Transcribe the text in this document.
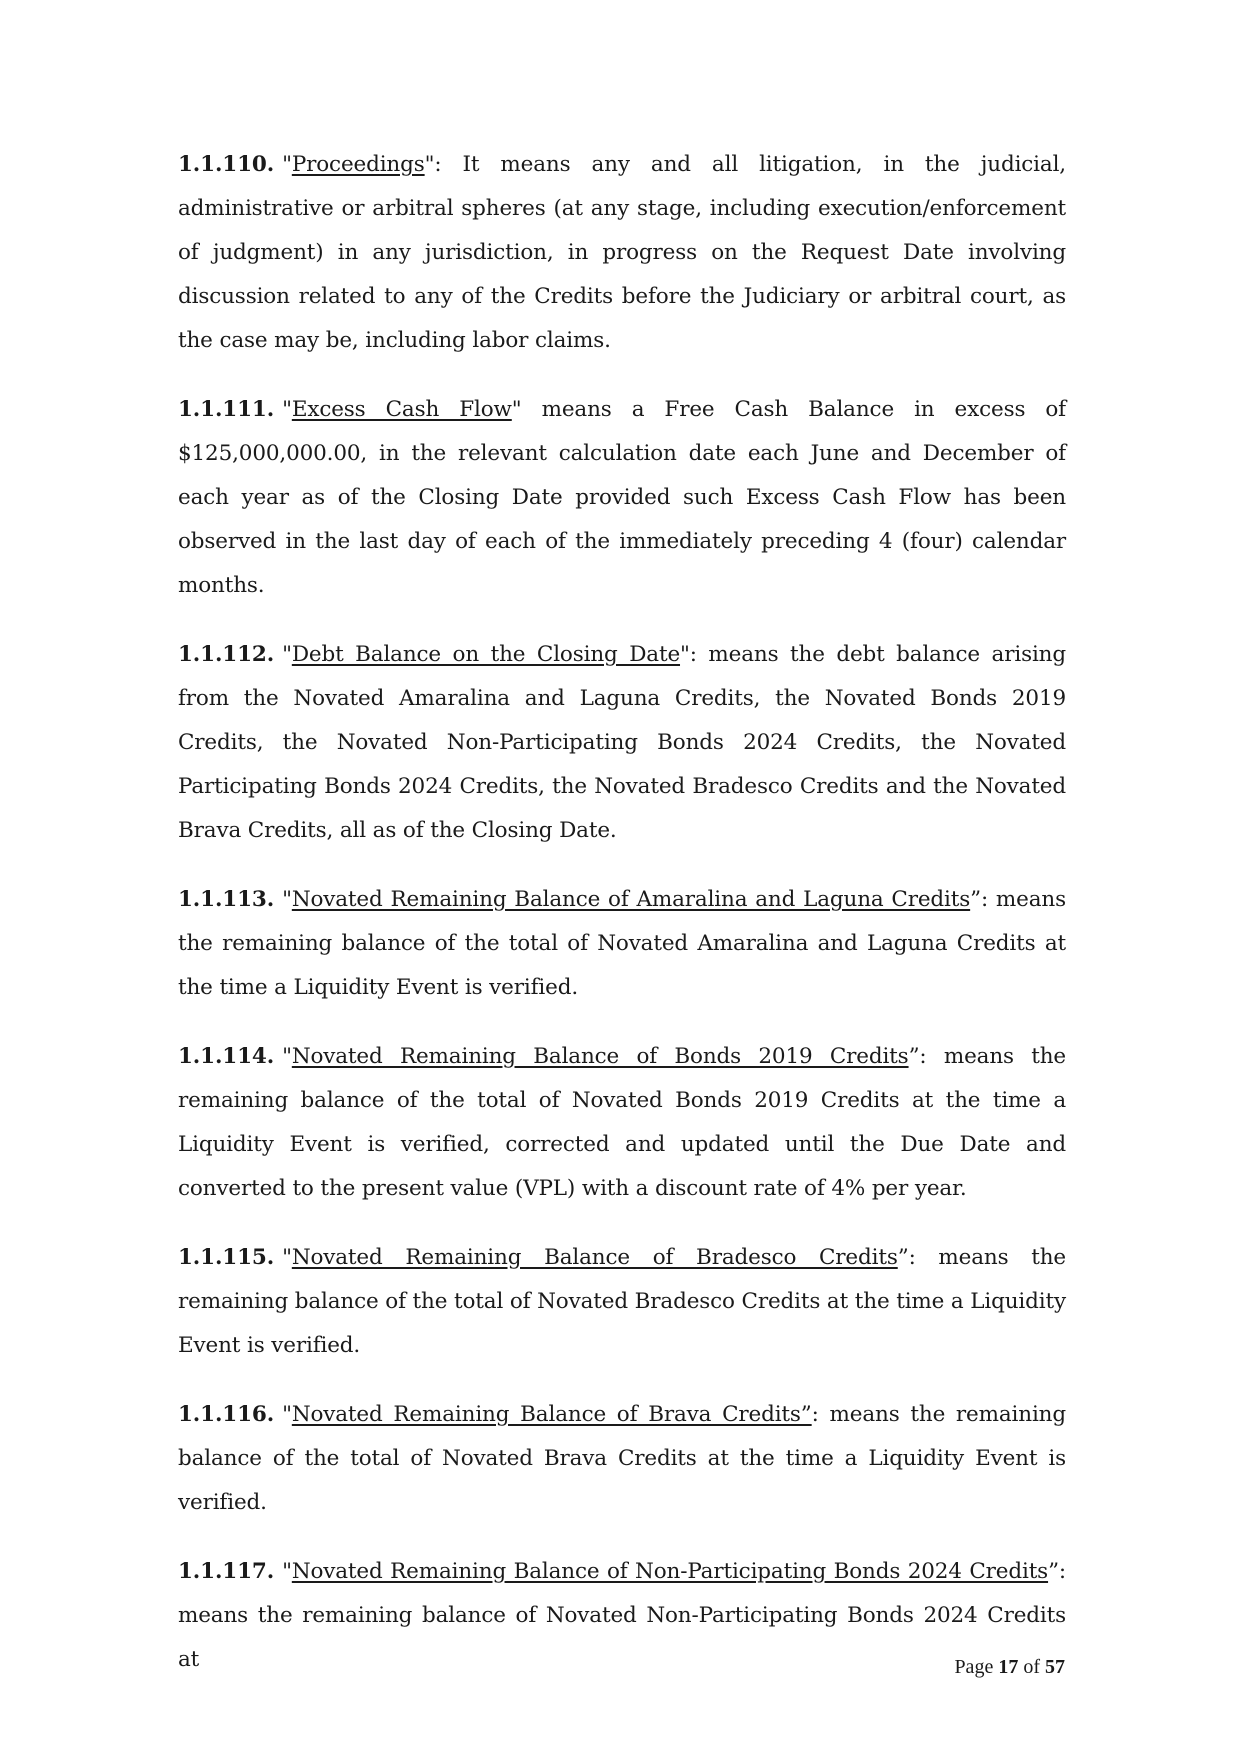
1.1.110. "Proceedings": It means any and all litigation, in the judicial, administrative or arbitral spheres (at any stage, including execution/enforcement of judgment) in any jurisdiction, in progress on the Request Date involving discussion related to any of the Credits before the Judiciary or arbitral court, as the case may be, including labor claims.

1.1.111. "Excess Cash Flow" means a Free Cash Balance in excess of $125,000,000.00, in the relevant calculation date each June and December of each year as of the Closing Date provided such Excess Cash Flow has been observed in the last day of each of the immediately preceding 4 (four) calendar months.

1.1.112. "Debt Balance on the Closing Date": means the debt balance arising from the Novated Amaralina and Laguna Credits, the Novated Bonds 2019 Credits, the Novated Non-Participating Bonds 2024 Credits, the Novated Participating Bonds 2024 Credits, the Novated Bradesco Credits and the Novated Brava Credits, all as of the Closing Date.

1.1.113. "Novated Remaining Balance of Amaralina and Laguna Credits”: means the remaining balance of the total of Novated Amaralina and Laguna Credits at the time a Liquidity Event is verified.

1.1.114. "Novated Remaining Balance of Bonds 2019 Credits”: means the remaining balance of the total of Novated Bonds 2019 Credits at the time a Liquidity Event is verified, corrected and updated until the Due Date and converted to the present value (VPL) with a discount rate of 4% per year.

1.1.115. "Novated Remaining Balance of Bradesco Credits”: means the remaining balance of the total of Novated Bradesco Credits at the time a Liquidity Event is verified.

1.1.116. "Novated Remaining Balance of Brava Credits”: means the remaining balance of the total of Novated Brava Credits at the time a Liquidity Event is verified.

1.1.117. "Novated Remaining Balance of Non-Participating Bonds 2024 Credits”: means the remaining balance of Novated Non-Participating Bonds 2024 Credits at	Page 17 of 57
